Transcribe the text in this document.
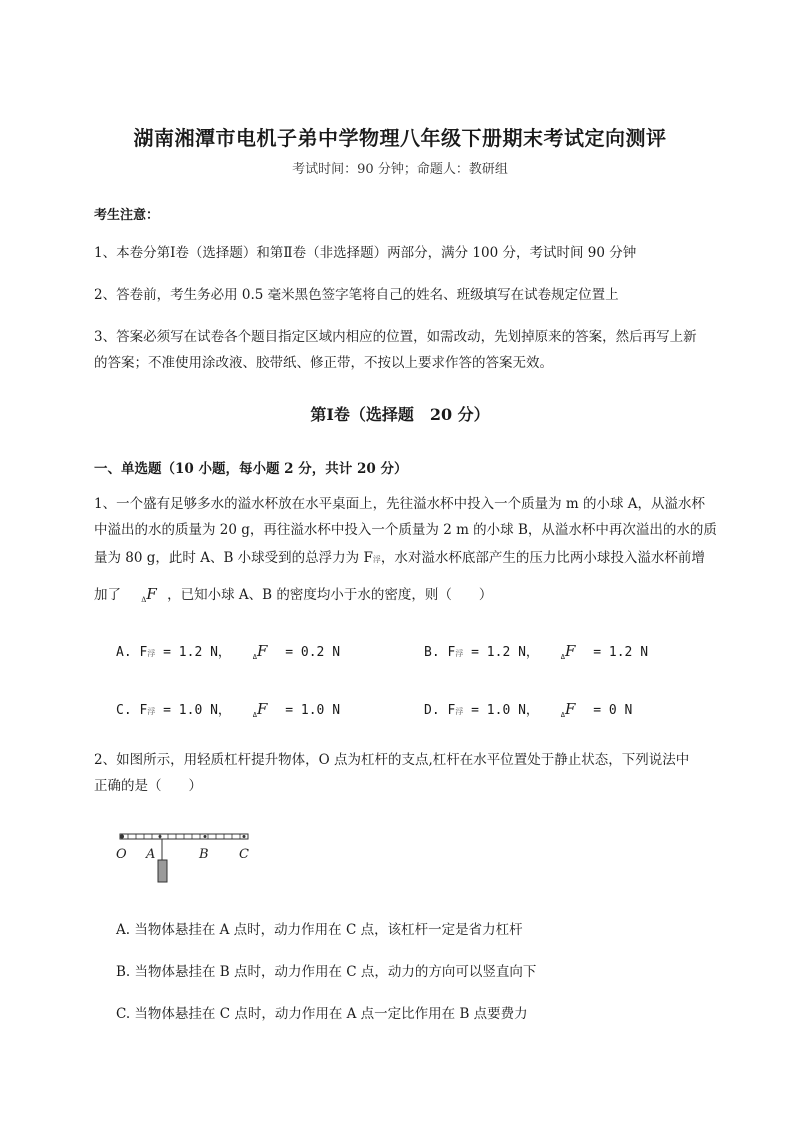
湖南湘潭市电机子弟中学物理八年级下册期末考试定向测评
考试时间：90 分钟；命题人：教研组
考生注意：
1、本卷分第Ⅰ卷（选择题）和第Ⅱ卷（非选择题）两部分，满分 100 分，考试时间 90 分钟
2、答卷前，考生务必用 0.5 毫米黑色签字笔将自己的姓名、班级填写在试卷规定位置上
3、答案必须写在试卷各个题目指定区域内相应的位置，如需改动，先划掉原来的答案，然后再写上新的答案；不准使用涂改液、胶带纸、修正带，不按以上要求作答的答案无效。
第Ⅰ卷（选择题　20 分）
一、单选题（10 小题，每小题 2 分，共计 20 分）
1、一个盛有足够多水的溢水杯放在水平桌面上，先往溢水杯中投入一个质量为 m 的小球 A，从溢水杯
中溢出的水的质量为 20 g，再往溢水杯中投入一个质量为 2 m 的小球 B，从溢水杯中再次溢出的水的质
量为 80 g，此时 A、B 小球受到的总浮力为 F浮，水对溢水杯底部产生的压力比两小球投入溢水杯前增
加了	$_\Delta$F ，已知小球 A、B 的密度均小于水的密度，则（　　）
A. F浮 = 1.2 N，	$_\Delta$F = 0.2 N	B. F浮 = 1.2 N，	$_\Delta$F = 1.2 N
C. F浮 = 1.0 N，	$_\Delta$F = 1.0 N	D. F浮 = 1.0 N，	$_\Delta$F = 0 N
2、如图所示，用轻质杠杆提升物体，O 点为杠杆的支点,杠杆在水平位置处于静止状态，下列说法中
正确的是（　　）
O A	B C
A. 当物体悬挂在 A 点时，动力作用在 C 点，该杠杆一定是省力杠杆
B. 当物体悬挂在 B 点时，动力作用在 C 点，动力的方向可以竖直向下
C. 当物体悬挂在 C 点时，动力作用在 A 点一定比作用在 B 点要费力
